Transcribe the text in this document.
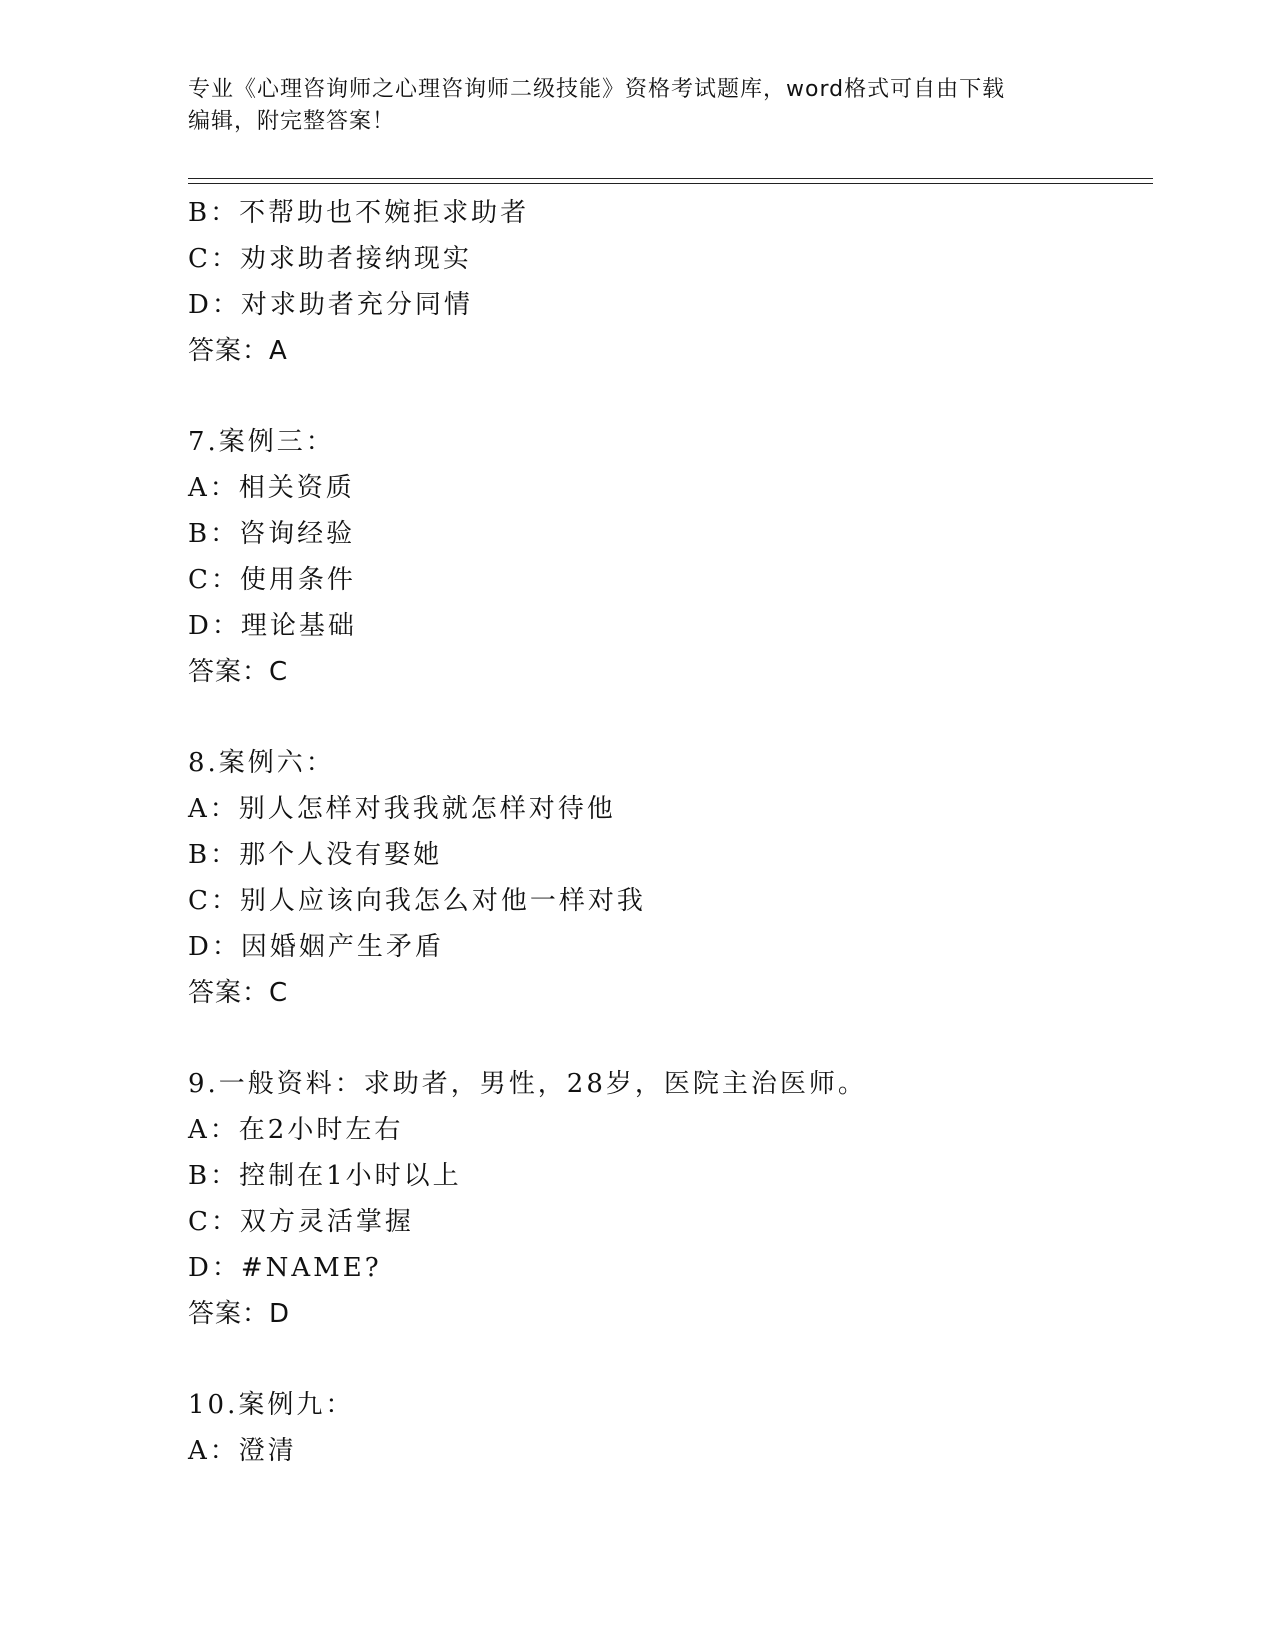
专业《心理咨询师之心理咨询师二级技能》资格考试题库，word格式可自由下载
编辑，附完整答案！
B：不帮助也不婉拒求助者
C：劝求助者接纳现实
D：对求助者充分同情
答案：A
7.案例三：
A：相关资质
B：咨询经验
C：使用条件
D：理论基础
答案：C
8.案例六：
A：别人怎样对我我就怎样对待他
B：那个人没有娶她
C：别人应该向我怎么对他一样对我
D：因婚姻产生矛盾
答案：C
9.一般资料：求助者，男性，28岁，医院主治医师。
A：在2小时左右
B：控制在1小时以上
C：双方灵活掌握
D：#NAME?
答案：D
10.案例九：
A：澄清
